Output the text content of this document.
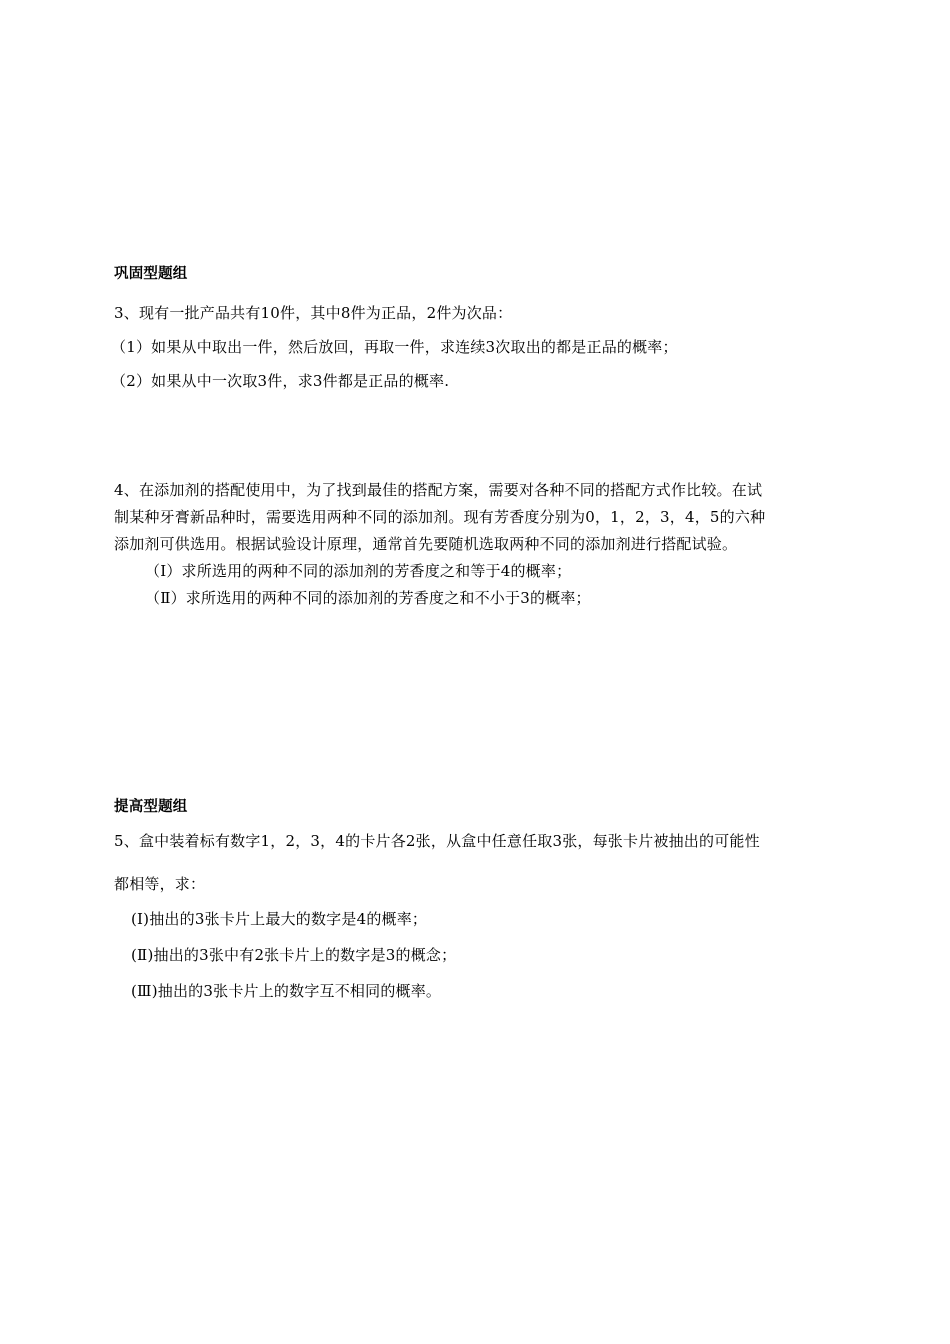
巩固型题组
3、现有一批产品共有10件，其中8件为正品，2件为次品：
（1）如果从中取出一件，然后放回，再取一件，求连续3次取出的都是正品的概率；
（2）如果从中一次取3件，求3件都是正品的概率.
4、在添加剂的搭配使用中，为了找到最佳的搭配方案，需要对各种不同的搭配方式作比较。在试
制某种牙膏新品种时，需要选用两种不同的添加剂。现有芳香度分别为0，1，2，3，4，5的六种
添加剂可供选用。根据试验设计原理，通常首先要随机选取两种不同的添加剂进行搭配试验。
（Ⅰ）求所选用的两种不同的添加剂的芳香度之和等于4的概率；
（Ⅱ）求所选用的两种不同的添加剂的芳香度之和不小于3的概率；
提高型题组
5、盒中装着标有数字1，2，3，4的卡片各2张，从盒中任意任取3张，每张卡片被抽出的可能性
都相等，求：
(Ⅰ)抽出的3张卡片上最大的数字是4的概率；
(Ⅱ)抽出的3张中有2张卡片上的数字是3的概念；
(Ⅲ)抽出的3张卡片上的数字互不相同的概率。
